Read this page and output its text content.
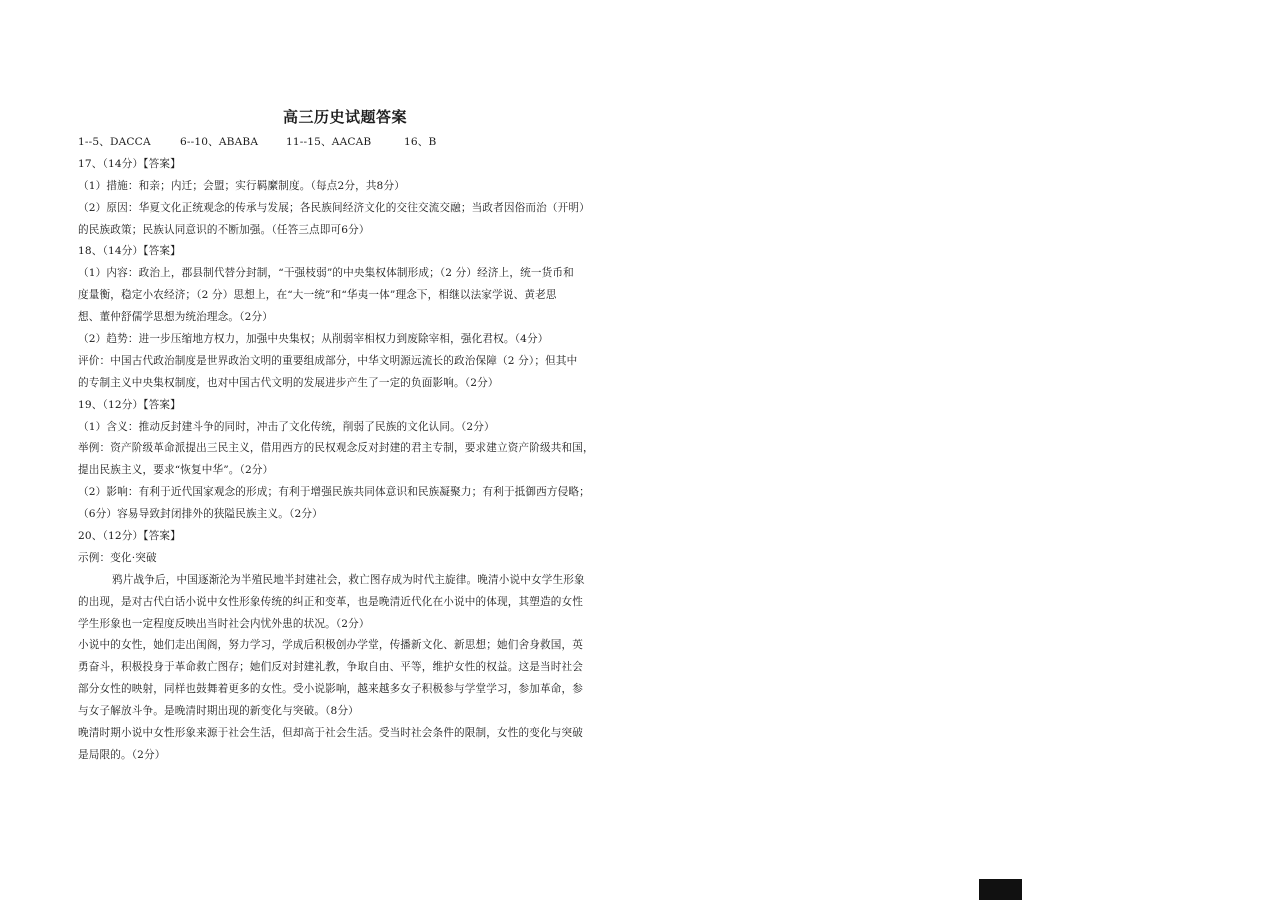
高三历史试题答案
1--5、DACCA	6--10、ABABA	11--15、AACAB	16、B
17、（14分）【答案】
（1）措施：和亲；内迁；会盟；实行羁縻制度。（每点2分，共8分）
（2）原因：华夏文化正统观念的传承与发展；各民族间经济文化的交往交流交融；当政者因俗而治（开明）
的民族政策；民族认同意识的不断加强。（任答三点即可6分）
18、（14分）【答案】
（1）内容：政治上，郡县制代替分封制，“干强枝弱”的中央集权体制形成；（2 分）经济上，统一货币和
度量衡，稳定小农经济；（2 分）思想上，在“大一统”和“华夷一体”理念下，相继以法家学说、黄老思
想、董仲舒儒学思想为统治理念。（2分）
（2）趋势：进一步压缩地方权力，加强中央集权；从削弱宰相权力到废除宰相，强化君权。（4分）
评价：中国古代政治制度是世界政治文明的重要组成部分，中华文明源远流长的政治保障（2 分）；但其中
的专制主义中央集权制度，也对中国古代文明的发展进步产生了一定的负面影响。（2分）
19、（12分）【答案】
（1）含义：推动反封建斗争的同时，冲击了文化传统，削弱了民族的文化认同。（2分）
举例：资产阶级革命派提出三民主义，借用西方的民权观念反对封建的君主专制，要求建立资产阶级共和国，
提出民族主义，要求“恢复中华”。（2分）
（2）影响：有利于近代国家观念的形成；有利于增强民族共同体意识和民族凝聚力；有利于抵御西方侵略；
（6分）容易导致封闭排外的狭隘民族主义。（2分）
20、（12分）【答案】
示例：变化·突破
鸦片战争后，中国逐渐沦为半殖民地半封建社会，救亡图存成为时代主旋律。晚清小说中女学生形象
的出现，是对古代白话小说中女性形象传统的纠正和变革，也是晚清近代化在小说中的体现，其塑造的女性
学生形象也一定程度反映出当时社会内忧外患的状况。（2分）
小说中的女性，她们走出闺阁，努力学习，学成后积极创办学堂，传播新文化、新思想；她们舍身救国，英
勇奋斗，积极投身于革命救亡图存；她们反对封建礼教，争取自由、平等，维护女性的权益。这是当时社会
部分女性的映射，同样也鼓舞着更多的女性。受小说影响，越来越多女子积极参与学堂学习，参加革命，参
与女子解放斗争。是晚清时期出现的新变化与突破。（8分）
晚清时期小说中女性形象来源于社会生活，但却高于社会生活。受当时社会条件的限制，女性的变化与突破
是局限的。（2分）
